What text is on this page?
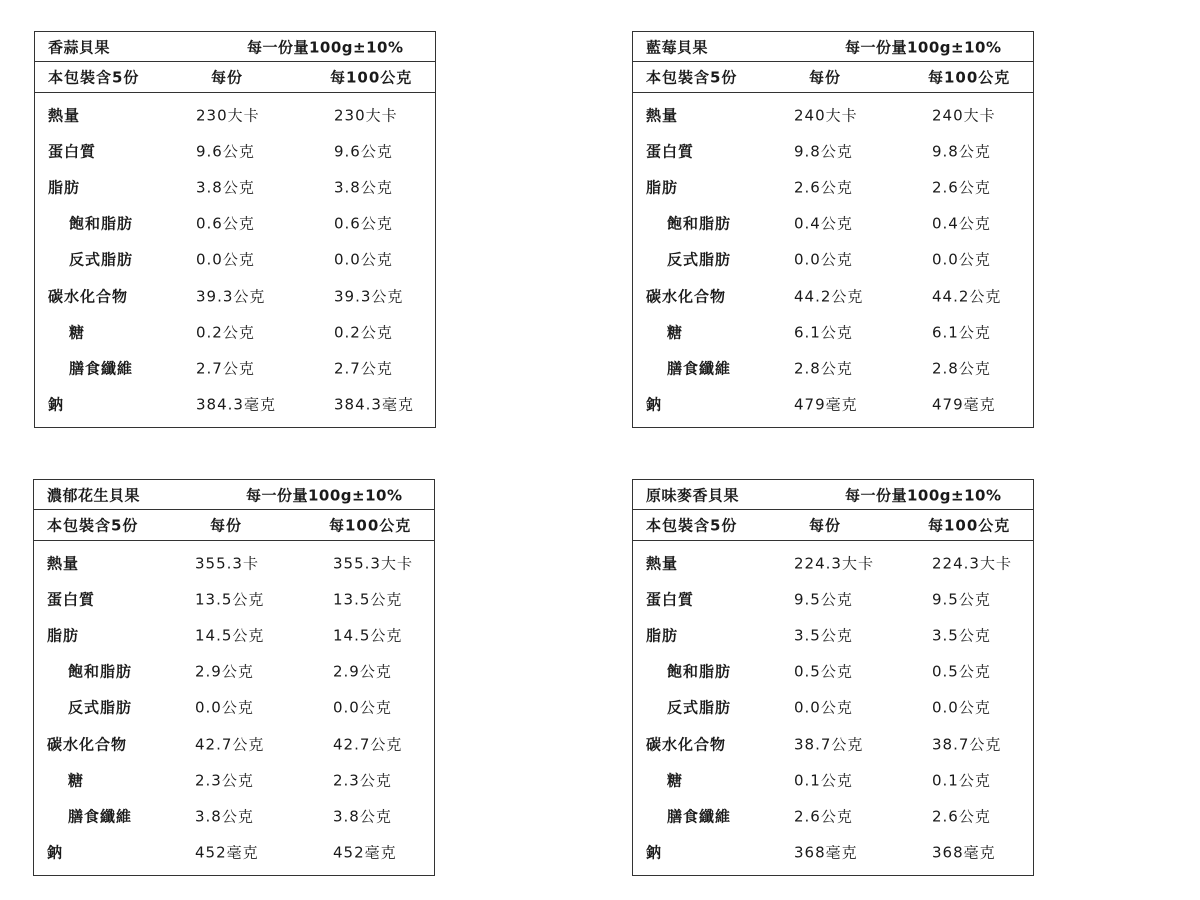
香蒜貝果	每一份量100g±10%
本包裝含5份	每份	每100公克
熱量	230大卡	230大卡
蛋白質	9.6公克	9.6公克
脂肪	3.8公克	3.8公克
飽和脂肪	0.6公克	0.6公克
反式脂肪	0.0公克	0.0公克
碳水化合物	39.3公克	39.3公克
糖	0.2公克	0.2公克
膳食纖維	2.7公克	2.7公克
鈉	384.3毫克	384.3毫克
藍莓貝果	每一份量100g±10%
本包裝含5份	每份	每100公克
熱量	240大卡	240大卡
蛋白質	9.8公克	9.8公克
脂肪	2.6公克	2.6公克
飽和脂肪	0.4公克	0.4公克
反式脂肪	0.0公克	0.0公克
碳水化合物	44.2公克	44.2公克
糖	6.1公克	6.1公克
膳食纖維	2.8公克	2.8公克
鈉	479毫克	479毫克
濃郁花生貝果	每一份量100g±10%
本包裝含5份	每份	每100公克
熱量	355.3卡	355.3大卡
蛋白質	13.5公克	13.5公克
脂肪	14.5公克	14.5公克
飽和脂肪	2.9公克	2.9公克
反式脂肪	0.0公克	0.0公克
碳水化合物	42.7公克	42.7公克
糖	2.3公克	2.3公克
膳食纖維	3.8公克	3.8公克
鈉	452毫克	452毫克
原味麥香貝果	每一份量100g±10%
本包裝含5份	每份	每100公克
熱量	224.3大卡	224.3大卡
蛋白質	9.5公克	9.5公克
脂肪	3.5公克	3.5公克
飽和脂肪	0.5公克	0.5公克
反式脂肪	0.0公克	0.0公克
碳水化合物	38.7公克	38.7公克
糖	0.1公克	0.1公克
膳食纖維	2.6公克	2.6公克
鈉	368毫克	368毫克
